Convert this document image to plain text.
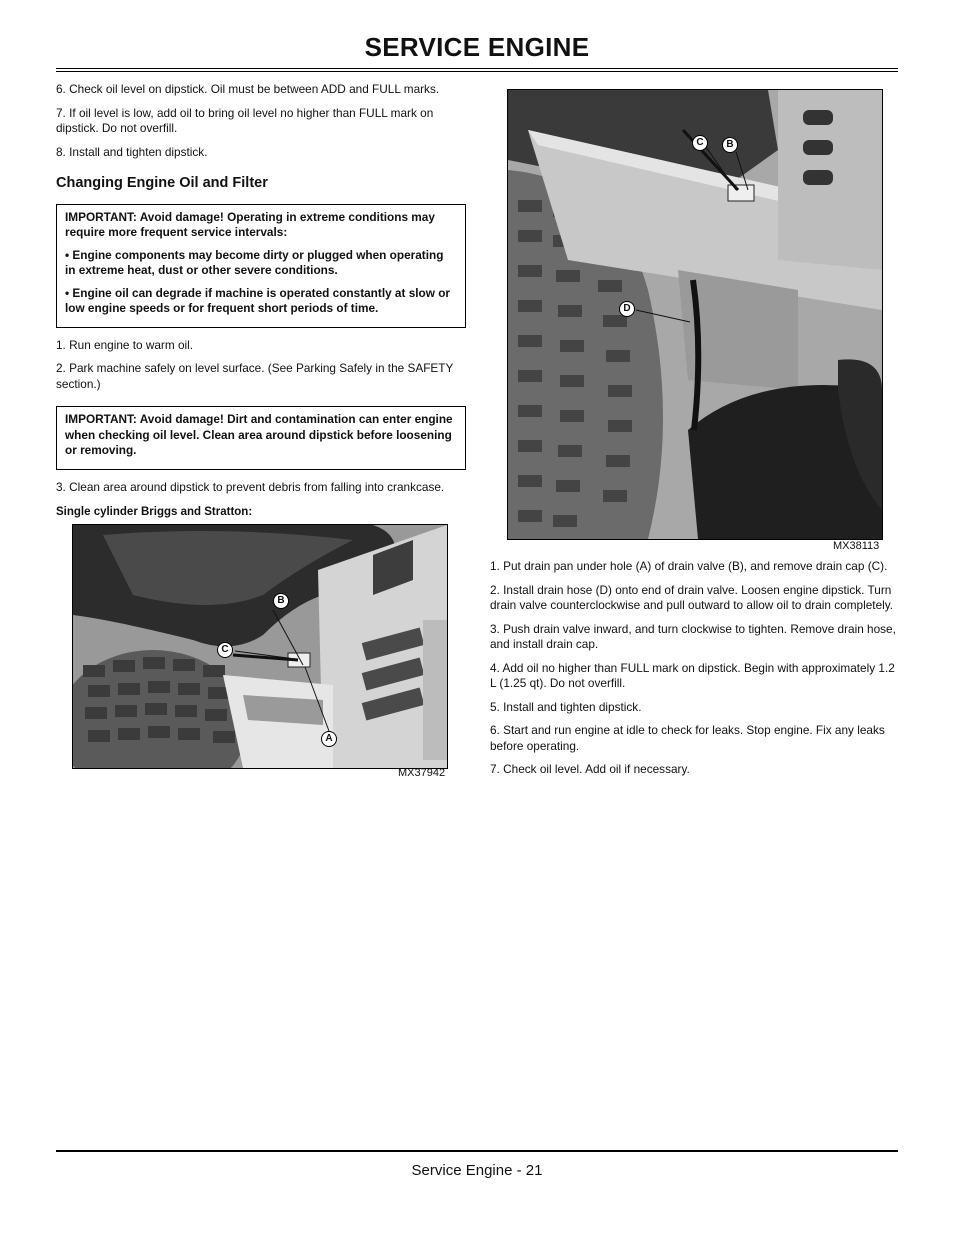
SERVICE ENGINE

6. Check oil level on dipstick. Oil must be between ADD and FULL marks.

7. If oil level is low, add oil to bring oil level no higher than FULL mark on dipstick. Do not overfill.

8. Install and tighten dipstick.

Changing Engine Oil and Filter

IMPORTANT: Avoid damage! Operating in extreme conditions may require more frequent service intervals:

• Engine components may become dirty or plugged when operating in extreme heat, dust or other severe conditions.

• Engine oil can degrade if machine is operated constantly at slow or low engine speeds or for frequent short periods of time.

1. Run engine to warm oil.

2. Park machine safely on level surface. (See Parking Safely in the SAFETY section.)

IMPORTANT: Avoid damage! Dirt and contamination can enter engine when checking oil level. Clean area around dipstick before loosening or removing.

3. Clean area around dipstick to prevent debris from falling into crankcase.

Single cylinder Briggs and Stratton:
B
C
A
MX37942
C	B
D
MX38113

1. Put drain pan under hole (A) of drain valve (B), and remove drain cap (C).

2. Install drain hose (D) onto end of drain valve. Loosen engine dipstick. Turn drain valve counterclockwise and pull outward to allow oil to drain completely.

3. Push drain valve inward, and turn clockwise to tighten. Remove drain hose, and install drain cap.

4. Add oil no higher than FULL mark on dipstick. Begin with approximately 1.2 L (1.25 qt). Do not overfill.

5. Install and tighten dipstick.

6. Start and run engine at idle to check for leaks. Stop engine. Fix any leaks before operating.

7. Check oil level. Add oil if necessary.

Service Engine - 21
